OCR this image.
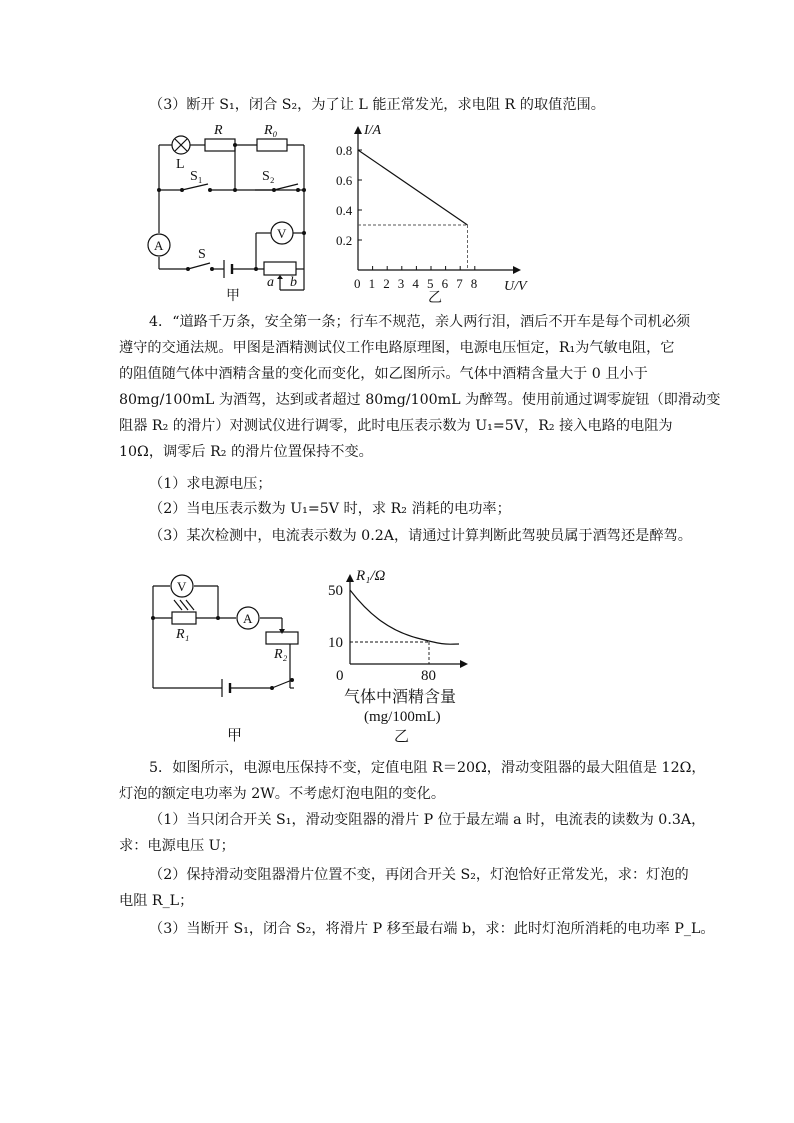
（3）断开 S₁，闭合 S₂，为了让 L 能正常发光，求电阻 R 的取值范围。
L
R	R₀
S₁	S₂
S
A
V
a b
甲
0 1 2 3 4 5 6 7 8
0.8
0.6
0.4
0.2
I/A
U/V
乙
4．“道路千万条，安全第一条；行车不规范，亲人两行泪，酒后不开车是每个司机必须
遵守的交通法规。甲图是酒精测试仪工作电路原理图，电源电压恒定，R₁为气敏电阻，它
的阻值随气体中酒精含量的变化而变化，如乙图所示。气体中酒精含量大于 0 且小于
80mg/100mL 为酒驾，达到或者超过 80mg/100mL 为醉驾。使用前通过调零旋钮（即滑动变
阻器 R₂ 的滑片）对测试仪进行调零，此时电压表示数为 U₁=5V，R₂ 接入电路的电阻为
10Ω，调零后 R₂ 的滑片位置保持不变。
（1）求电源电压；
（2）当电压表示数为 U₁=5V 时，求 R₂ 消耗的电功率；
（3）某次检测中，电流表示数为 0.2A，请通过计算判断此驾驶员属于酒驾还是醉驾。
V
A
R₁
R₂
甲
R₁/Ω
50
10
0	80
气体中酒精含量
(mg/100mL)
乙
5．如图所示，电源电压保持不变，定值电阻 R＝20Ω，滑动变阻器的最大阻值是 12Ω，
灯泡的额定电功率为 2W。不考虑灯泡电阻的变化。
（1）当只闭合开关 S₁，滑动变阻器的滑片 P 位于最左端 a 时，电流表的读数为 0.3A，
求：电源电压 U；
（2）保持滑动变阻器滑片位置不变，再闭合开关 S₂，灯泡恰好正常发光，求：灯泡的
电阻 R_L；
（3）当断开 S₁，闭合 S₂，将滑片 P 移至最右端 b，求：此时灯泡所消耗的电功率 P_L。
